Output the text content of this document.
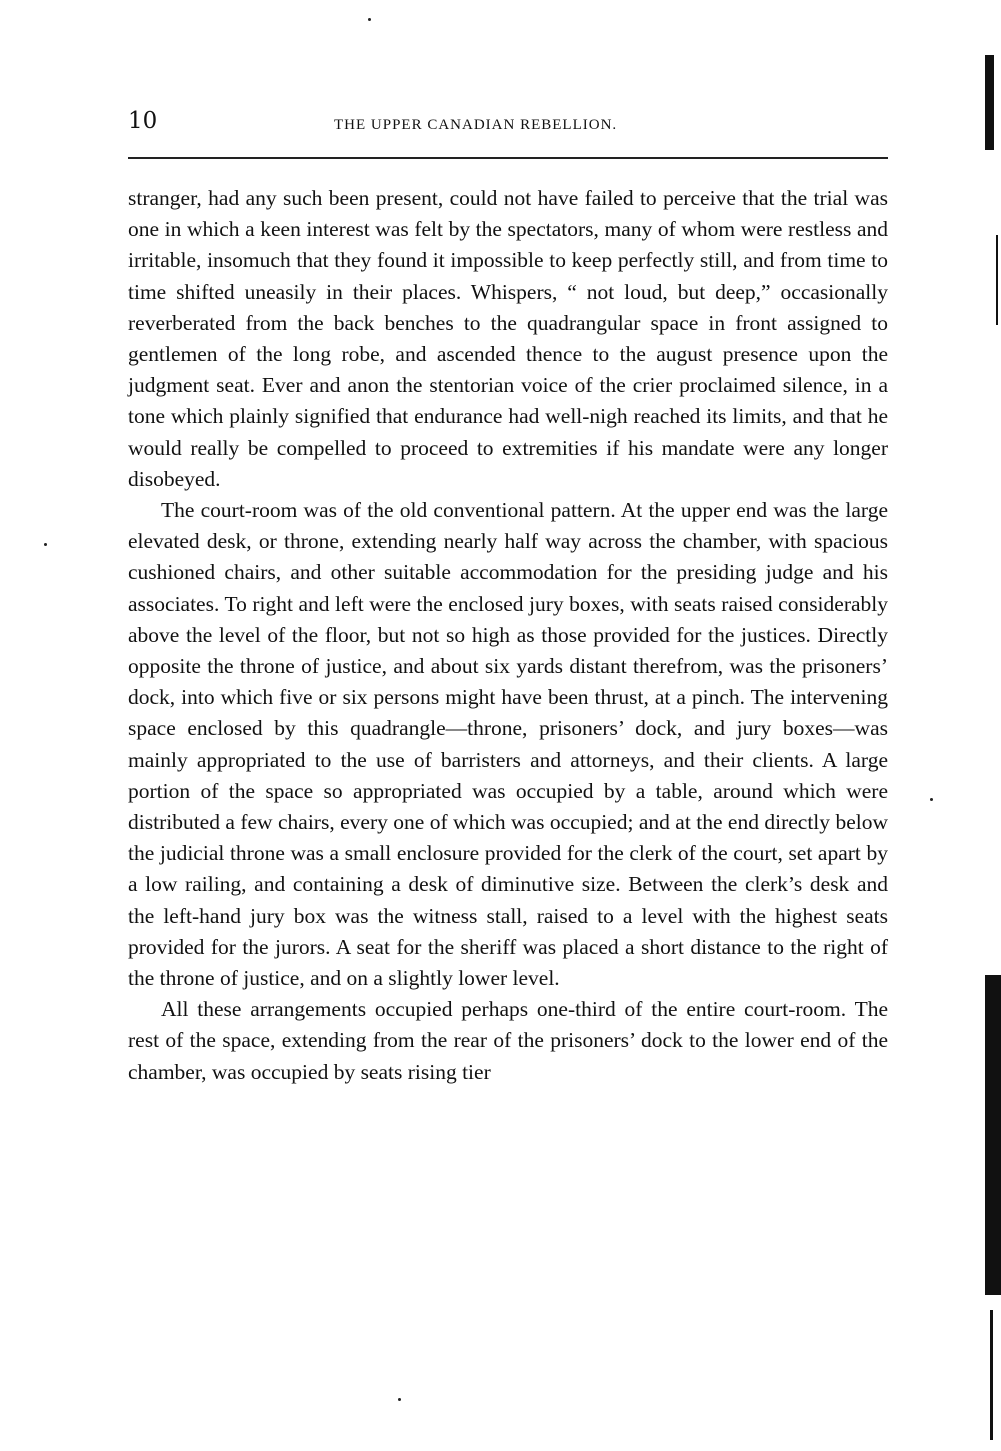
10	THE UPPER CANADIAN REBELLION.

stranger, had any such been present, could not have failed to perceive that the trial was one in which a keen interest was felt by the spectators, many of whom were restless and irritable, insomuch that they found it impossible to keep perfectly still, and from time to time shifted uneasily in their places. Whispers, “ not loud, but deep,” occasionally reverberated from the back benches to the quadrangular space in front assigned to gentlemen of the long robe, and ascended thence to the august presence upon the judgment seat. Ever and anon the stentorian voice of the crier proclaimed silence, in a tone which plainly signified that endurance had well-nigh reached its limits, and that he would really be compelled to proceed to extremities if his mandate were any longer disobeyed.

The court-room was of the old conventional pattern. At the upper end was the large elevated desk, or throne, extending nearly half way across the chamber, with spacious cushioned chairs, and other suitable accommodation for the presiding judge and his associates. To right and left were the enclosed jury boxes, with seats raised considerably above the level of the floor, but not so high as those provided for the justices. Directly opposite the throne of justice, and about six yards distant therefrom, was the prisoners’ dock, into which five or six persons might have been thrust, at a pinch. The intervening space enclosed by this quadrangle—throne, prisoners’ dock, and jury boxes—was mainly appropriated to the use of barristers and attorneys, and their clients. A large portion of the space so appropriated was occupied by a table, around which were distributed a few chairs, every one of which was occupied; and at the end directly below the judicial throne was a small enclosure provided for the clerk of the court, set apart by a low railing, and containing a desk of diminutive size. Between the clerk’s desk and the left-hand jury box was the witness stall, raised to a level with the highest seats provided for the jurors. A seat for the sheriff was placed a short distance to the right of the throne of justice, and on a slightly lower level.

All these arrangements occupied perhaps one-third of the entire court-room. The rest of the space, extending from the rear of the prisoners’ dock to the lower end of the chamber, was occupied by seats rising tier
